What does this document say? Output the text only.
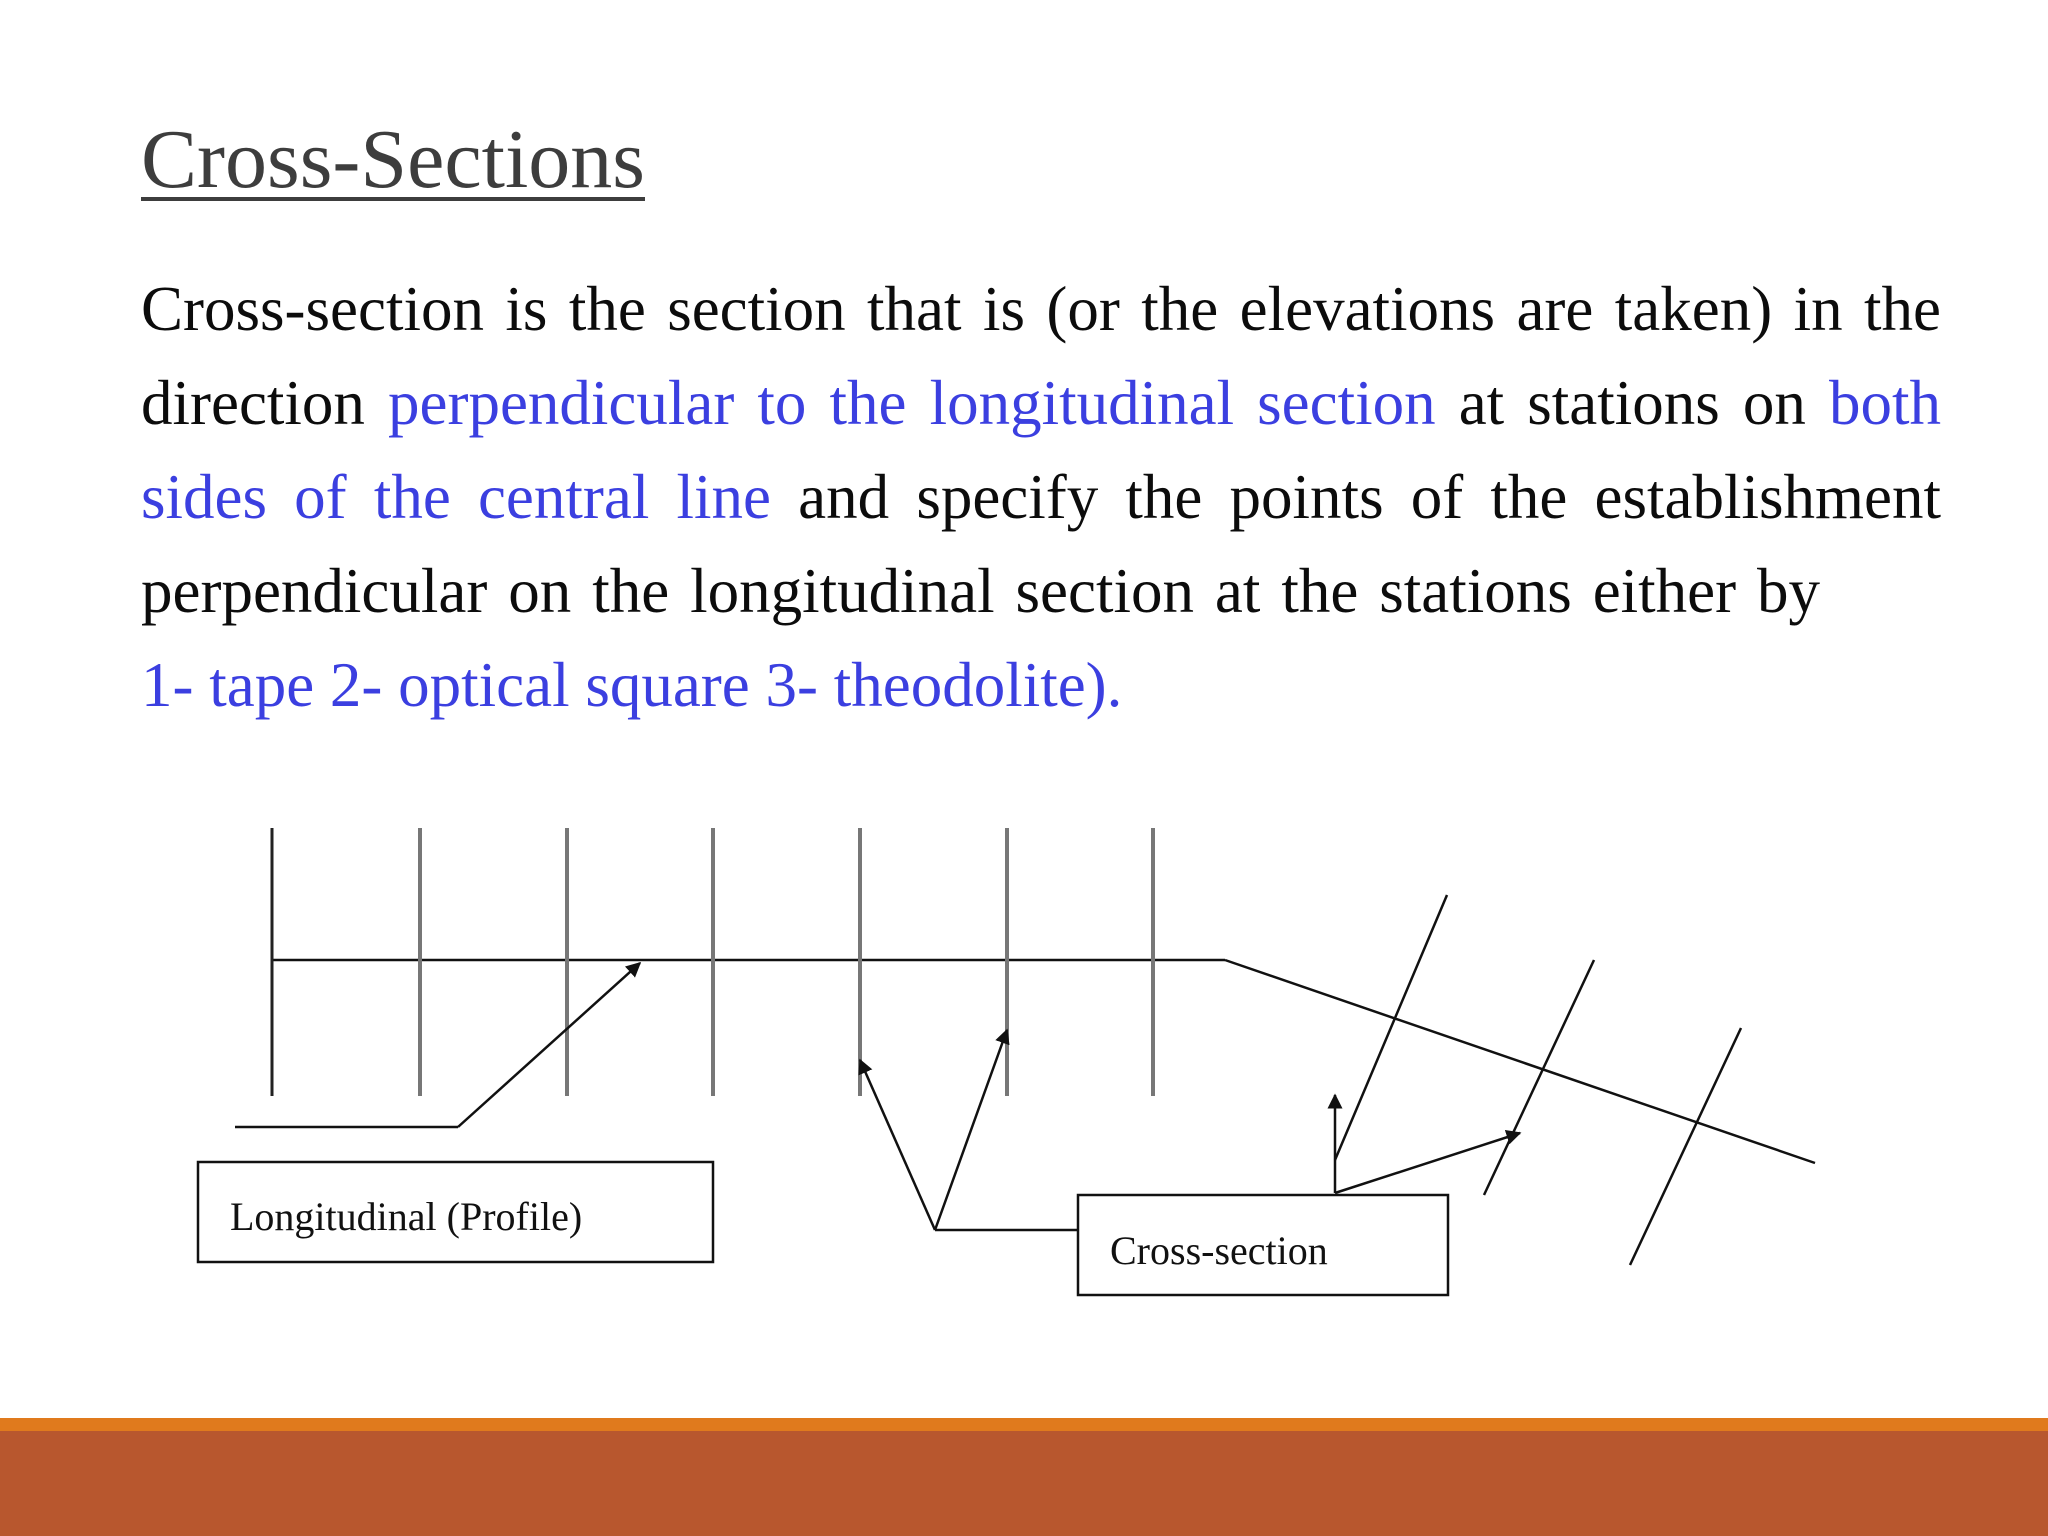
Cross-Sections

Cross-section is the section that is (or the elevations are taken) in the direction perpendicular to the longitudinal section at stations on both sides of the central line and specify the points of the establishment perpendicular on the longitudinal section at the stations either by 1- tape 2- optical square 3- theodolite).

Longitudinal (Profile)
Cross-section
